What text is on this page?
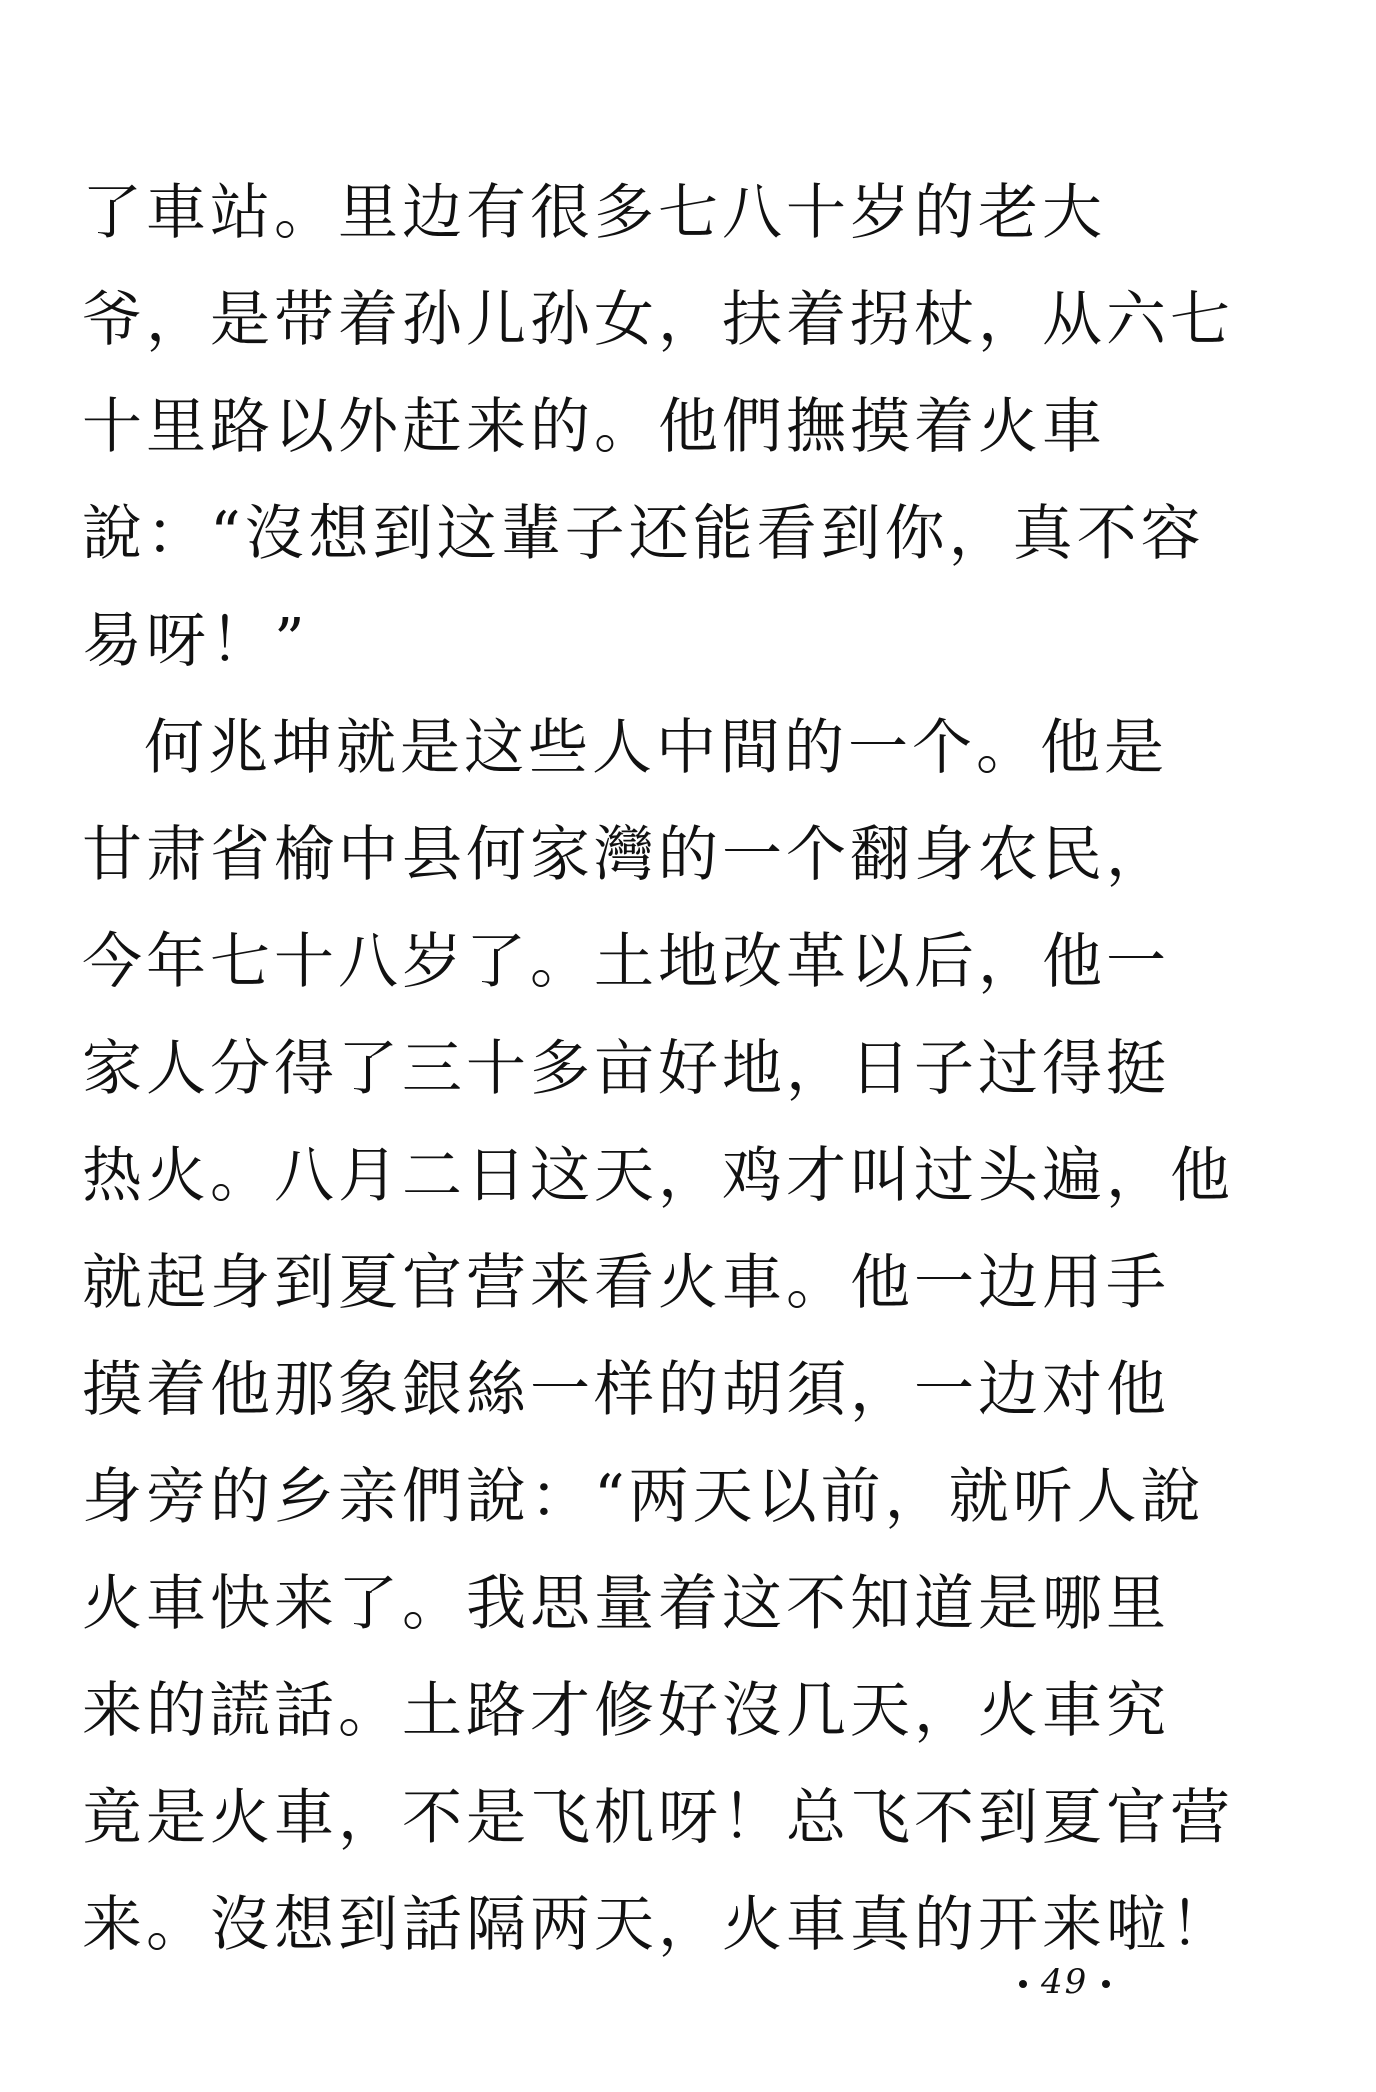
了車站。里边有很多七八十岁的老大
爷，是带着孙儿孙女，扶着拐杖，从六七
十里路以外赶来的。他們撫摸着火車
說：“沒想到这輩子还能看到你，真不容
易呀！”
何兆坤就是这些人中間的一个。他是
甘肃省榆中县何家灣的一个翻身农民，
今年七十八岁了。土地改革以后，他一
家人分得了三十多亩好地，日子过得挺
热火。八月二日这天，鸡才叫过头遍，他
就起身到夏官营来看火車。他一边用手
摸着他那象銀絲一样的胡須，一边对他
身旁的乡亲們說：“两天以前，就听人說
火車快来了。我思量着这不知道是哪里
来的謊話。土路才修好沒几天，火車究
竟是火車，不是飞机呀！总飞不到夏官营
来。沒想到話隔两天，火車真的开来啦！
49
